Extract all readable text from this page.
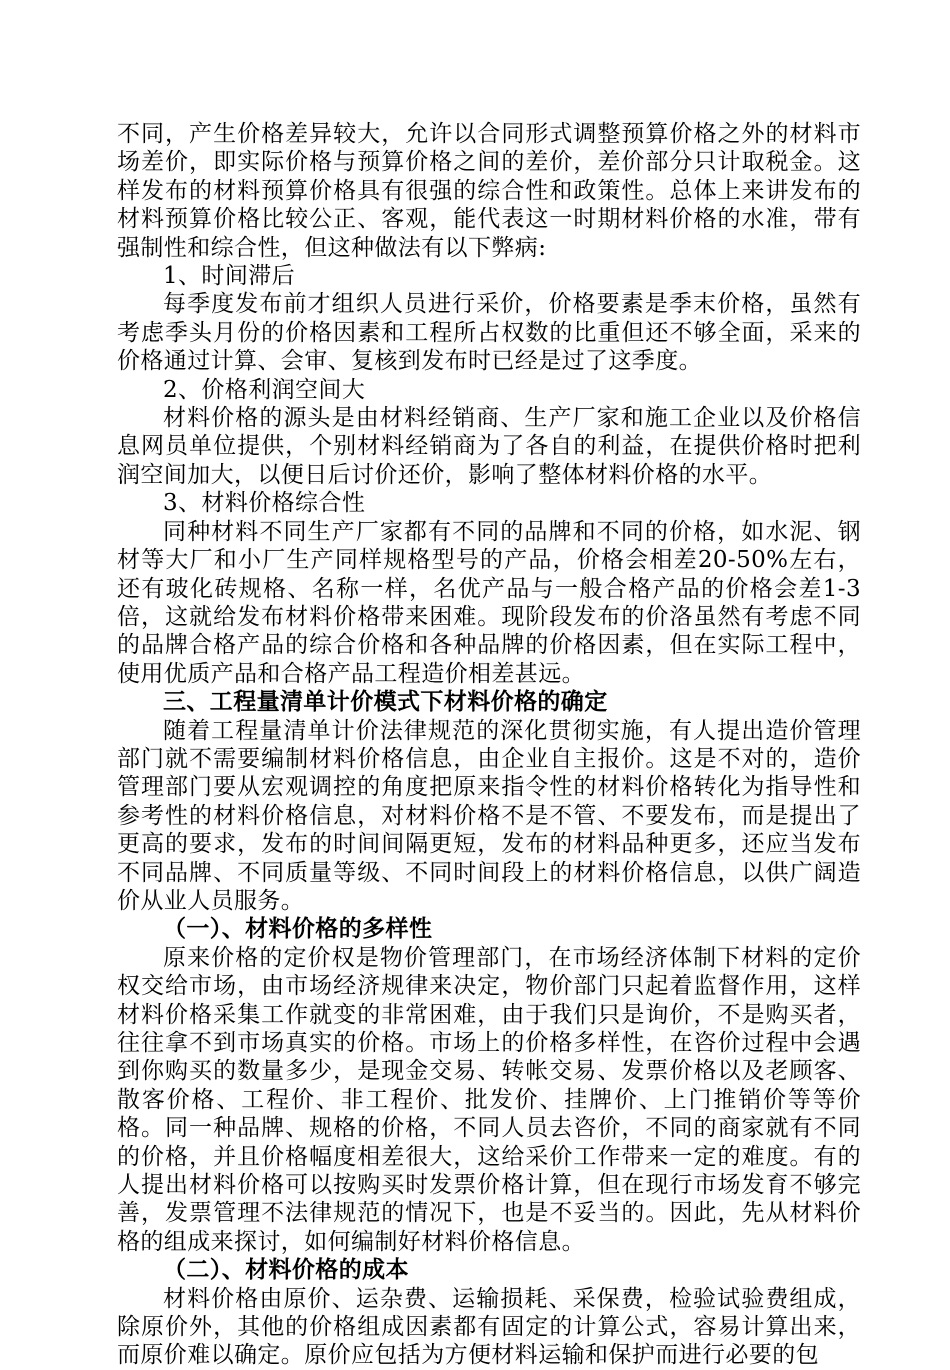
不同，产生价格差异较大，允许以合同形式调整预算价格之外的材料市场差价，即实际价格与预算价格之间的差价，差价部分只计取税金。这样发布的材料预算价格具有很强的综合性和政策性。总体上来讲发布的材料预算价格比较公正、客观，能代表这一时期材料价格的水准，带有强制性和综合性，但这种做法有以下弊病:

1、时间滞后

每季度发布前才组织人员进行采价，价格要素是季末价格，虽然有考虑季头月份的价格因素和工程所占权数的比重但还不够全面，采来的价格通过计算、会审、复核到发布时已经是过了这季度。

2、价格利润空间大

材料价格的源头是由材料经销商、生产厂家和施工企业以及价格信息网员单位提供，个别材料经销商为了各自的利益，在提供价格时把利润空间加大，以便日后讨价还价，影响了整体材料价格的水平。

3、材料价格综合性

同种材料不同生产厂家都有不同的品牌和不同的价格，如水泥、钢材等大厂和小厂生产同样规格型号的产品，价格会相差20-50%左右，还有玻化砖规格、名称一样，名优产品与一般合格产品的价格会差1-3倍，这就给发布材料价格带来困难。现阶段发布的价洛虽然有考虑不同的品牌合格产品的综合价格和各种品牌的价格因素，但在实际工程中，使用优质产品和合格产品工程造价相差甚远。

三、工程量清单计价模式下材料价格的确定

随着工程量清单计价法律规范的深化贯彻实施，有人提出造价管理部门就不需要编制材料价格信息，由企业自主报价。这是不对的，造价管理部门要从宏观调控的角度把原来指令性的材料价格转化为指导性和参考性的材料价格信息，对材料价格不是不管、不要发布，而是提出了更高的要求，发布的时间间隔更短，发布的材料品种更多，还应当发布不同品牌、不同质量等级、不同时间段上的材料价格信息，以供广阔造价从业人员服务。

（一）、材料价格的多样性

原来价格的定价权是物价管理部门，在市场经济体制下材料的定价权交给市场，由市场经济规律来决定，物价部门只起着监督作用，这样材料价格采集工作就变的非常困难，由于我们只是询价，不是购买者，往往拿不到市场真实的价格。市场上的价格多样性，在咨价过程中会遇到你购买的数量多少，是现金交易、转帐交易、发票价格以及老顾客、散客价格、工程价、非工程价、批发价、挂牌价、上门推销价等等价格。同一种品牌、规格的价格，不同人员去咨价，不同的商家就有不同的价格，并且价格幅度相差很大，这给采价工作带来一定的难度。有的人提出材料价格可以按购买时发票价格计算，但在现行市场发育不够完善，发票管理不法律规范的情况下，也是不妥当的。因此，先从材料价格的组成来探讨，如何编制好材料价格信息。

（二）、材料价格的成本

材料价格由原价、运杂费、运输损耗、采保费，检验试验费组成，除原价外，其他的价格组成因素都有固定的计算公式，容易计算出来，而原价难以确定。原价应包括为方便材料运输和保护而进行必要的包
